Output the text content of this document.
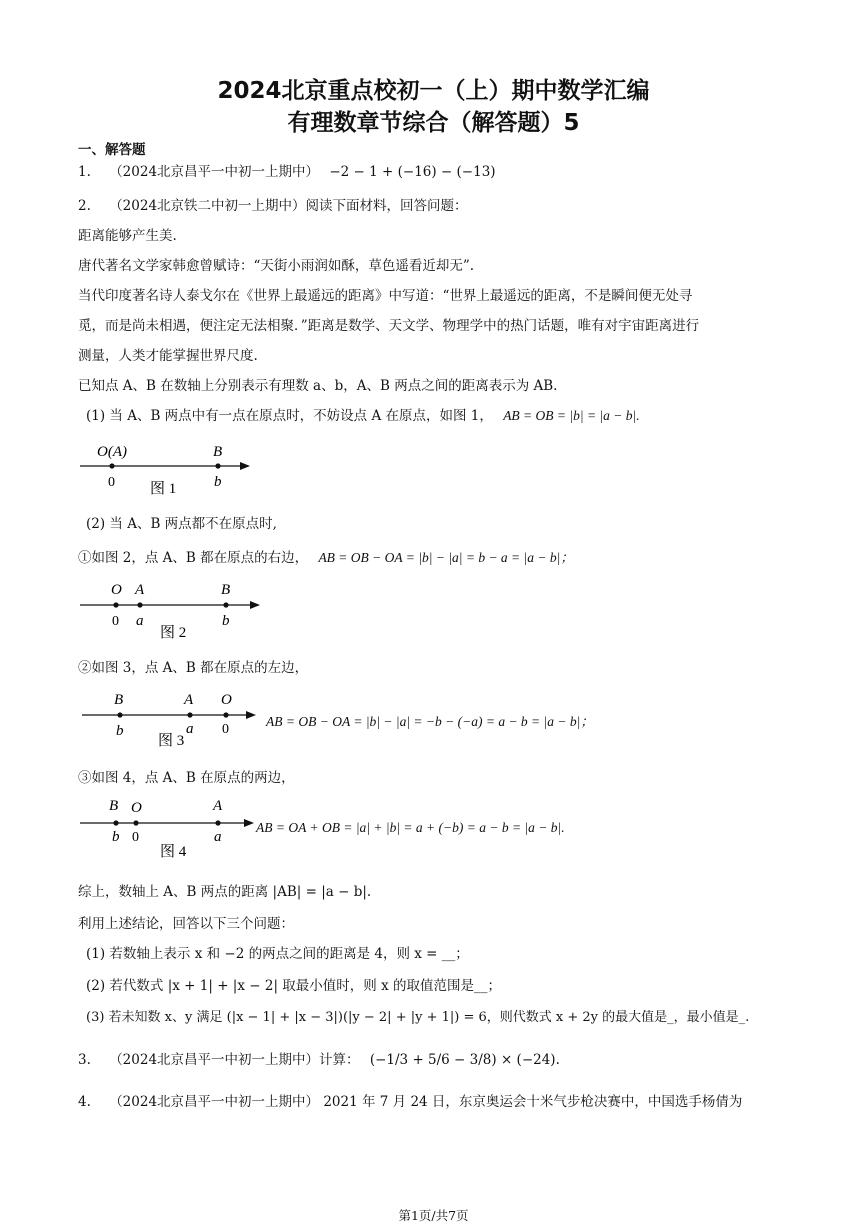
2024北京重点校初一（上）期中数学汇编
有理数章节综合（解答题）5
一、解答题
1. （2024北京昌平一中初一上期中） −2 − 1 + (−16) − (−13)
2. （2024北京铁二中初一上期中）阅读下面材料，回答问题：
距离能够产生美.
唐代著名文学家韩愈曾赋诗：“天街小雨润如酥，草色遥看近却无”.
当代印度著名诗人泰戈尔在《世界上最遥远的距离》中写道：“世界上最遥远的距离，不是瞬间便无处寻
觅，而是尚未相遇，便注定无法相聚．”距离是数学、天文学、物理学中的热门话题，唯有对宇宙距离进行
测量，人类才能掌握世界尺度.
已知点 A、B 在数轴上分别表示有理数 a、b，A、B 两点之间的距离表示为 AB.
(1) 当 A、B 两点中有一点在原点时，不妨设点 A 在原点，如图 1， AB = OB = |b| = |a − b|.
O(A)	B
0	b
图 1
(2) 当 A、B 两点都不在原点时,
①如图 2，点 A、B 都在原点的右边， AB = OB − OA = |b| − |a| = b − a = |a − b|；
O A	B
0 a	b
图 2
②如图 3，点 A、B 都在原点的左边，
B	A O
b	a 0
图 3
AB = OB − OA = |b| − |a| = −b − (−a) = a − b = |a − b|；
③如图 4，点 A、B 在原点的两边，
B O	A
b 0	a
图 4
AB = OA + OB = |a| + |b| = a + (−b) = a − b = |a − b|.
综上，数轴上 A、B 两点的距离 |AB| = |a − b|.
利用上述结论，回答以下三个问题：
(1) 若数轴上表示 x 和 −2 的两点之间的距离是 4，则 x = __；
(2) 若代数式 |x + 1| + |x − 2| 取最小值时，则 x 的取值范围是__；
(3) 若未知数 x、y 满足 (|x − 1| + |x − 3|)(|y − 2| + |y + 1|) = 6，则代数式 x + 2y 的最大值是_，最小值是_.
3. （2024北京昌平一中初一上期中）计算： (−1/3 + 5/6 − 3/8) × (−24).
4. （2024北京昌平一中初一上期中） 2021 年 7 月 24 日，东京奥运会十米气步枪决赛中，中国选手杨倩为
第1页/共7页
